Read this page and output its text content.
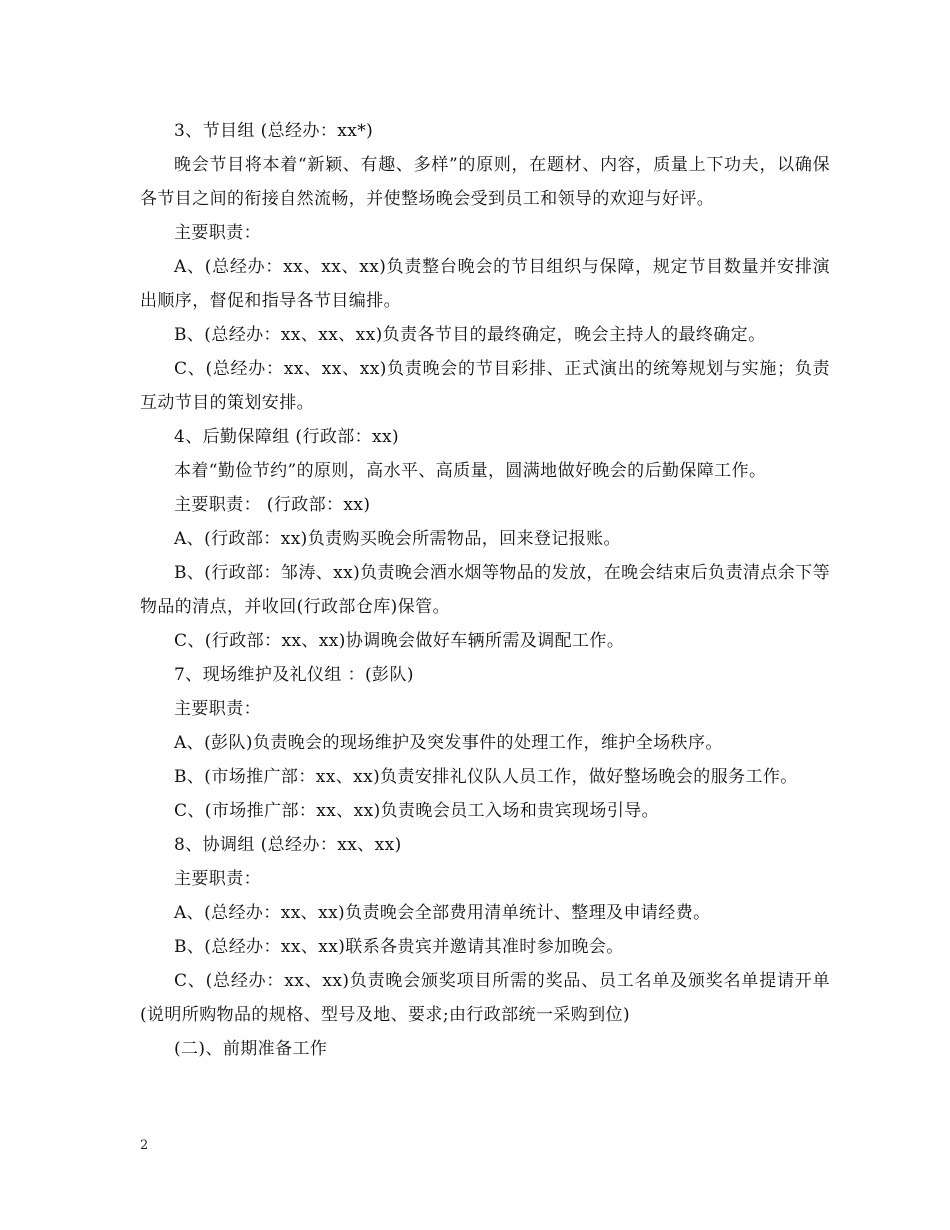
3、节目组 (总经办：xx*)

晚会节目将本着“新颖、有趣、多样”的原则，在题材、内容，质量上下功夫，以确保各节目之间的衔接自然流畅，并使整场晚会受到员工和领导的欢迎与好评。

主要职责：

A、(总经办：xx、xx、xx)负责整台晚会的节目组织与保障，规定节目数量并安排演出顺序，督促和指导各节目编排。

B、(总经办：xx、xx、xx)负责各节目的最终确定，晚会主持人的最终确定。

C、(总经办：xx、xx、xx)负责晚会的节目彩排、正式演出的统筹规划与实施；负责互动节目的策划安排。

4、后勤保障组 (行政部：xx)

本着“勤俭节约”的原则，高水平、高质量，圆满地做好晚会的后勤保障工作。

主要职责： (行政部：xx)

A、(行政部：xx)负责购买晚会所需物品，回来登记报账。

B、(行政部：邹涛、xx)负责晚会酒水烟等物品的发放，在晚会结束后负责清点余下等物品的清点，并收回(行政部仓库)保管。

C、(行政部：xx、xx)协调晚会做好车辆所需及调配工作。

7、现场维护及礼仪组 ：(彭队)

主要职责：

A、(彭队)负责晚会的现场维护及突发事件的处理工作，维护全场秩序。

B、(市场推广部：xx、xx)负责安排礼仪队人员工作，做好整场晚会的服务工作。

C、(市场推广部：xx、xx)负责晚会员工入场和贵宾现场引导。

8、协调组 (总经办：xx、xx)

主要职责：

A、(总经办：xx、xx)负责晚会全部费用清单统计、整理及申请经费。

B、(总经办：xx、xx)联系各贵宾并邀请其准时参加晚会。

C、(总经办：xx、xx)负责晚会颁奖项目所需的奖品、员工名单及颁奖名单提请开单(说明所购物品的规格、型号及地、要求;由行政部统一采购到位)

(二)、前期准备工作

2
